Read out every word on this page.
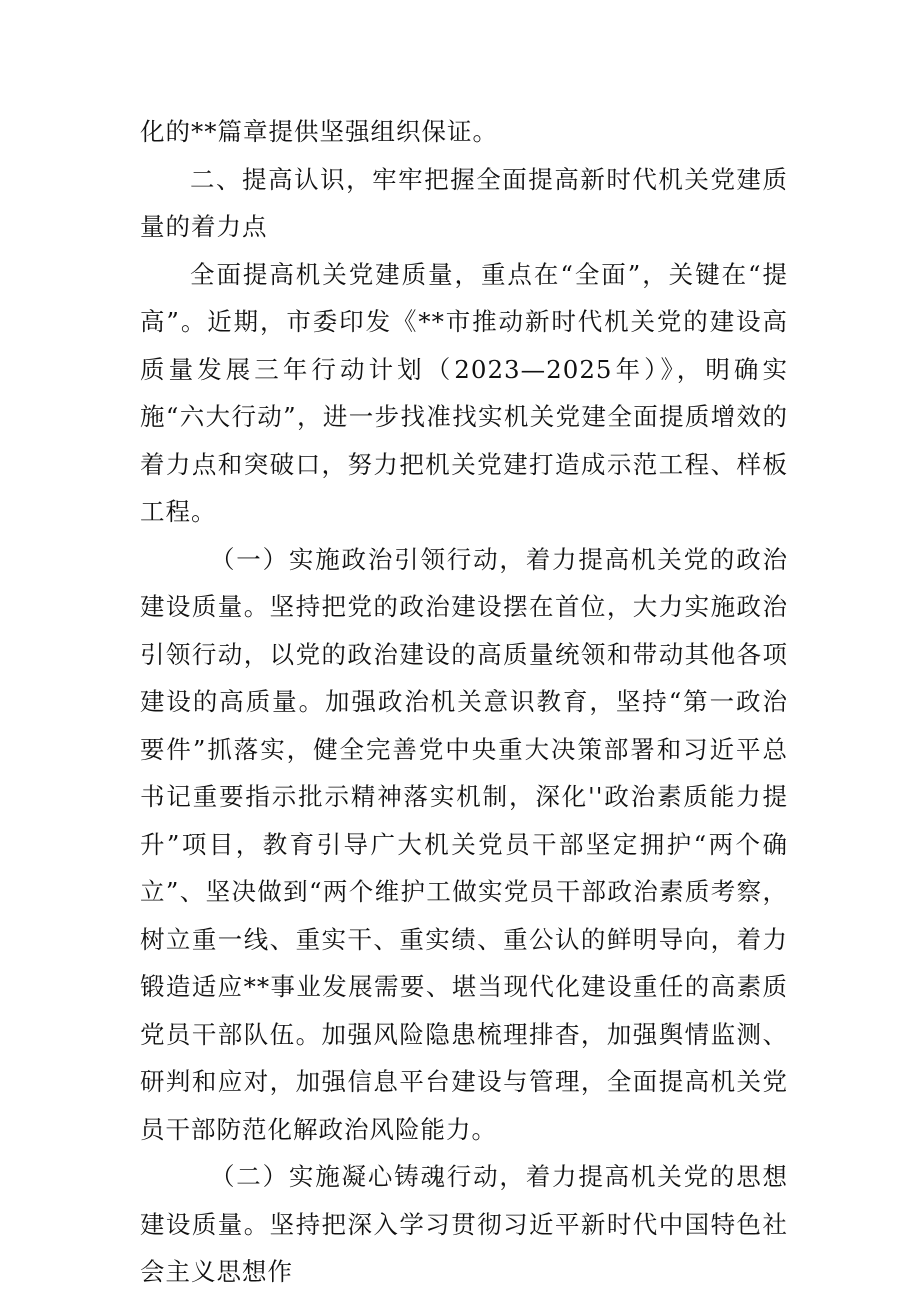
化的**篇章提供坚强组织保证。

二、提高认识，牢牢把握全面提高新时代机关党建质量的着力点

全面提高机关党建质量，重点在“全面”，关键在“提高”。近期，市委印发《**市推动新时代机关党的建设高质量发展三年行动计划（2023—2025年）》，明确实施“六大行动”，进一步找准找实机关党建全面提质增效的着力点和突破口，努力把机关党建打造成示范工程、样板工程。

（一）实施政治引领行动，着力提高机关党的政治建设质量。坚持把党的政治建设摆在首位，大力实施政治引领行动，以党的政治建设的高质量统领和带动其他各项建设的高质量。加强政治机关意识教育，坚持“第一政治要件”抓落实，健全完善党中央重大决策部署和习近平总书记重要指示批示精神落实机制，深化''政治素质能力提升”项目，教育引导广大机关党员干部坚定拥护“两个确立”、坚决做到“两个维护工做实党员干部政治素质考察，树立重一线、重实干、重实绩、重公认的鲜明导向，着力锻造适应**事业发展需要、堪当现代化建设重任的高素质党员干部队伍。加强风险隐患梳理排杳，加强舆情监测、研判和应对，加强信息平台建设与管理，全面提高机关党员干部防范化解政治风险能力。

（二）实施凝心铸魂行动，着力提高机关党的思想建设质量。坚持把深入学习贯彻习近平新时代中国特色社会主义思想作
